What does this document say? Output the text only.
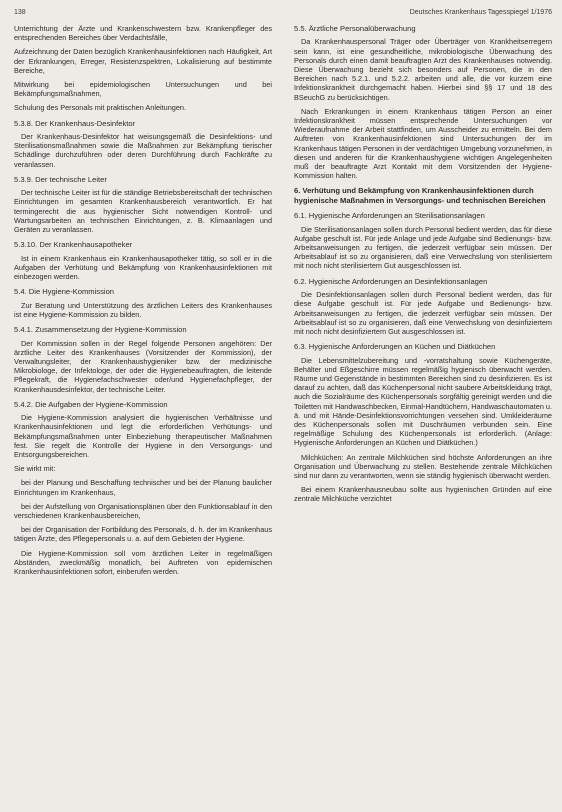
138	Deutsches Krankenhaus Tagesspiegel 1/1976

Unterrichtung der Ärzte und Krankenschwestern bzw. Krankenpfleger des entsprechenden Bereiches über Verdachtsfälle,

Aufzeichnung der Daten bezüglich Krankenhausinfektionen nach Häufigkeit, Art der Erkrankungen, Erreger, Resistenzspektren, Lokalisierung auf bestimmte Bereiche,

Mitwirkung bei epidemiologischen Untersuchungen und bei Bekämpfungsmaßnahmen,

Schulung des Personals mit praktischen Anleitungen.

5.3.8. Der Krankenhaus-Desinfektor

Der Krankenhaus-Desinfektor hat weisungsgemäß die Desinfektions- und Sterilisationsmaßnahmen sowie die Maßnahmen zur Bekämpfung tierischer Schädlinge durchzuführen oder deren Durchführung durch Fachkräfte zu veranlassen.

5.3.9. Der technische Leiter

Der technische Leiter ist für die ständige Betriebsbereitschaft der technischen Einrichtungen im gesamten Krankenhausbereich verantwortlich. Er hat termingerecht die aus hygienischer Sicht notwendigen Kontroll- und Wartungsarbeiten an technischen Einrichtungen, z. B. Klimaanlagen und Geräten zu veranlassen.

5.3.10. Der Krankenhausapotheker

Ist in einem Krankenhaus ein Krankenhausapotheker tätig, so soll er in die Aufgaben der Verhütung und Bekämpfung von Krankenhausinfektionen mit einbezogen werden.

5.4. Die Hygiene-Kommission

Zur Beratung und Unterstützung des ärztlichen Leiters des Krankenhauses ist eine Hygiene-Kommission zu bilden.

5.4.1. Zusammensetzung der Hygiene-Kommission

Der Kommission sollen in der Regel folgende Personen angehören: Der ärztliche Leiter des Krankenhauses (Vorsitzender der Kommission), der Verwaltungsleiter, der Krankenhaushygieniker bzw. der medizinische Mikrobiologe, der Infektologe, der oder die Hygienebeauftragten, die leitende Pflegekraft, die Hygienefachschwester oder/und Hygienefachpfleger, der Krankenhausdesinfektor, der technische Leiter.

5.4.2. Die Aufgaben der Hygiene-Kommission

Die Hygiene-Kommission analysiert die hygienischen Verhältnisse und Krankenhausinfektionen und legt die erforderlichen Verhütungs- und Bekämpfungsmaßnahmen unter Einbeziehung therapeutischer Maßnahmen fest. Sie regelt die Kontrolle der Hygiene in den Versorgungs- und Entsorgungsbereichen.

Sie wirkt mit:

bei der Planung und Beschaffung technischer und bei der Planung baulicher Einrichtungen im Krankenhaus,

bei der Aufstellung von Organisationsplänen über den Funktionsablauf in den verschiedenen Krankenhausbereichen,

bei der Organisation der Fortbildung des Personals, d. h. der im Krankenhaus tätigen Ärzte, des Pflegepersonals u. a. auf dem Gebieten der Hygiene.

Die Hygiene-Kommission soll vom ärztlichen Leiter in regelmäßigen Abständen, zweckmäßig monatlich, bei Auftreten von epidemischen Krankenhausinfektionen sofort, einberufen werden.

5.5. Ärztliche Personalüberwachung

Da Krankenhauspersonal Träger oder Überträger von Krankheitserregern sein kann, ist eine gesundheitliche, mikrobiologische Überwachung des Personals durch einen damit beauftragten Arzt des Krankenhauses notwendig. Diese Überwachung bezieht sich besonders auf Personen, die in den Bereichen nach 5.2.1. und 5.2.2. arbeiten und alle, die vor kurzem eine Infektionskrankheit durchgemacht haben. Hierbei sind §§ 17 und 18 des BSeuchG zu berücksichtigen.

Nach Erkrankungen in einem Krankenhaus tätigen Person an einer Infektionskrankheit müssen entsprechende Untersuchungen vor Wiederaufnahme der Arbeit stattfinden, um Ausscheider zu ermitteln. Bei dem Auftreten von Krankenhausinfektionen sind Untersuchungen der im Krankenhaus tätigen Personen in der verdächtigen Umgebung vorzunehmen, in diesen und anderen für die Krankenhaushygiene wichtigen Angelegenheiten muß der beauftragte Arzt Kontakt mit dem Vorsitzenden der Hygiene-Kommission halten.

6. Verhütung und Bekämpfung von Krankenhausinfektionen durch hygienische Maßnahmen in Versorgungs- und technischen Bereichen
6.1. Hygienische Anforderungen an Sterilisationsanlagen

Die Sterilisationsanlagen sollen durch Personal bedient werden, das für diese Aufgabe geschult ist. Für jede Anlage und jede Aufgabe sind Bedienungs- bzw. Arbeitsanweisungen zu fertigen, die jederzeit verfügbar sein müssen. Der Arbeitsablauf ist so zu organisieren, daß eine Verwechslung von sterilisiertem mit noch nicht sterilisiertem Gut ausgeschlossen ist.

6.2. Hygienische Anforderungen an Desinfektionsanlagen

Die Desinfektionsanlagen sollen durch Personal bedient werden, das für diese Aufgabe geschult ist. Für jede Aufgabe und Bedienungs- bzw. Arbeitsanweisungen zu fertigen, die jederzeit verfügbar sein müssen. Der Arbeitsablauf ist so zu organisieren, daß eine Verwechslung von desinfiziertem mit noch nicht desinfiziertem Gut ausgeschlossen ist.

6.3. Hygienische Anforderungen an Küchen und Diätküchen

Die Lebensmittelzubereitung und -vorratshaltung sowie Küchengeräte, Behälter und Eßgeschirre müssen regelmäßig hygienisch überwacht werden. Räume und Gegenstände in bestimmten Bereichen sind zu desinfizieren. Es ist darauf zu achten, daß das Küchenpersonal nicht saubere Arbeitskleidung trägt, auch die Sozialräume des Küchenpersonals sorgfältig gereinigt werden und die Toiletten mit Handwaschbecken, Einmal-Handtüchern, Handwaschautomaten u. ä. und mit Hände-Desinfektionsvorrichtungen versehen sind. Umkleideräume des Küchenpersonals sollen mit Duschräumen verbunden sein. Eine regelmäßige Schulung des Küchenpersonals ist erforderlich. (Anlage: Hygienische Anforderungen an Küchen und Diätküchen.)

Milchküchen: An zentrale Milchküchen sind höchste Anforderungen an ihre Organisation und Überwachung zu stellen. Bestehende zentrale Milchküchen sind nur dann zu verantworten, wenn sie ständig hygienisch überwacht werden.

Bei einem Krankenhausneubau sollte aus hygienischen Gründen auf eine zentrale Milchküche verzichtet
